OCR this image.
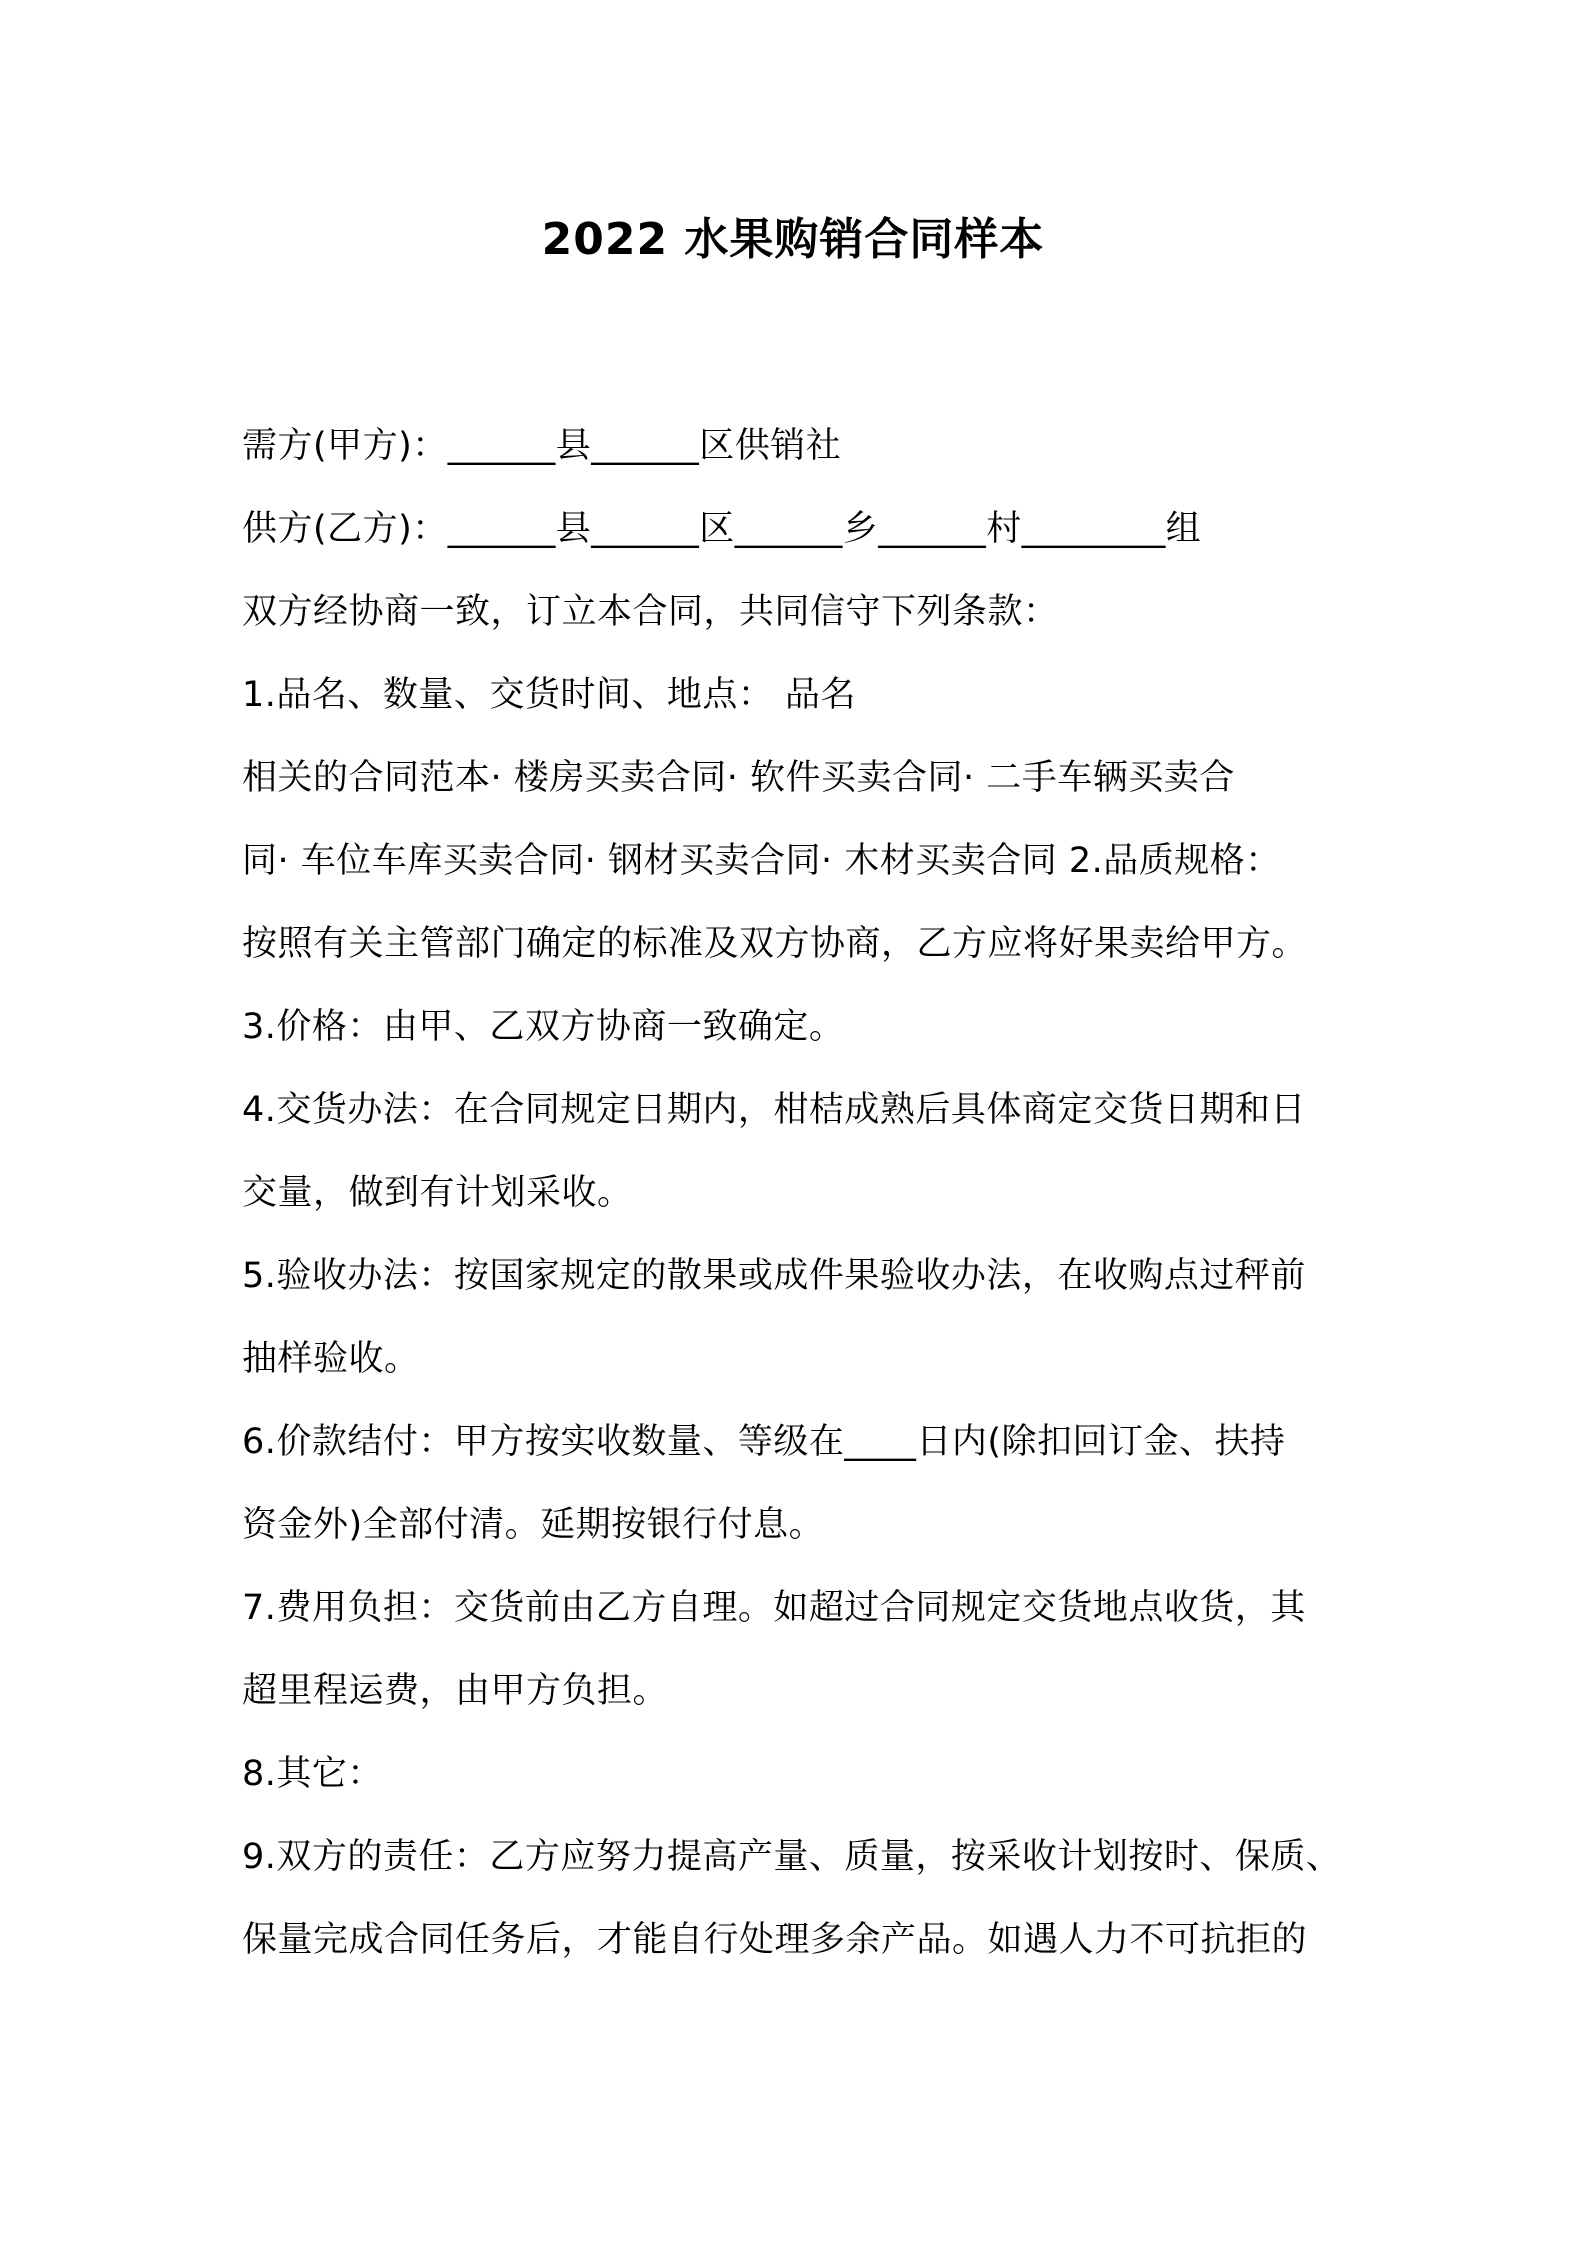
2022 水果购销合同样本

需方(甲方)：______县______区供销社

供方(乙方)：______县______区______乡______村________组

双方经协商一致，订立本合同，共同信守下列条款：

1.品名、数量、交货时间、地点： 品名

相关的合同范本· 楼房买卖合同· 软件买卖合同· 二手车辆买卖合

同· 车位车库买卖合同· 钢材买卖合同· 木材买卖合同 2.品质规格：

按照有关主管部门确定的标准及双方协商，乙方应将好果卖给甲方。

3.价格：由甲、乙双方协商一致确定。

4.交货办法：在合同规定日期内，柑桔成熟后具体商定交货日期和日

交量，做到有计划采收。

5.验收办法：按国家规定的散果或成件果验收办法，在收购点过秤前

抽样验收。

6.价款结付：甲方按实收数量、等级在____日内(除扣回订金、扶持

资金外)全部付清。延期按银行付息。

7.费用负担：交货前由乙方自理。如超过合同规定交货地点收货，其

超里程运费，由甲方负担。

8.其它：

9.双方的责任：乙方应努力提高产量、质量，按采收计划按时、保质、

保量完成合同任务后，才能自行处理多余产品。如遇人力不可抗拒的
